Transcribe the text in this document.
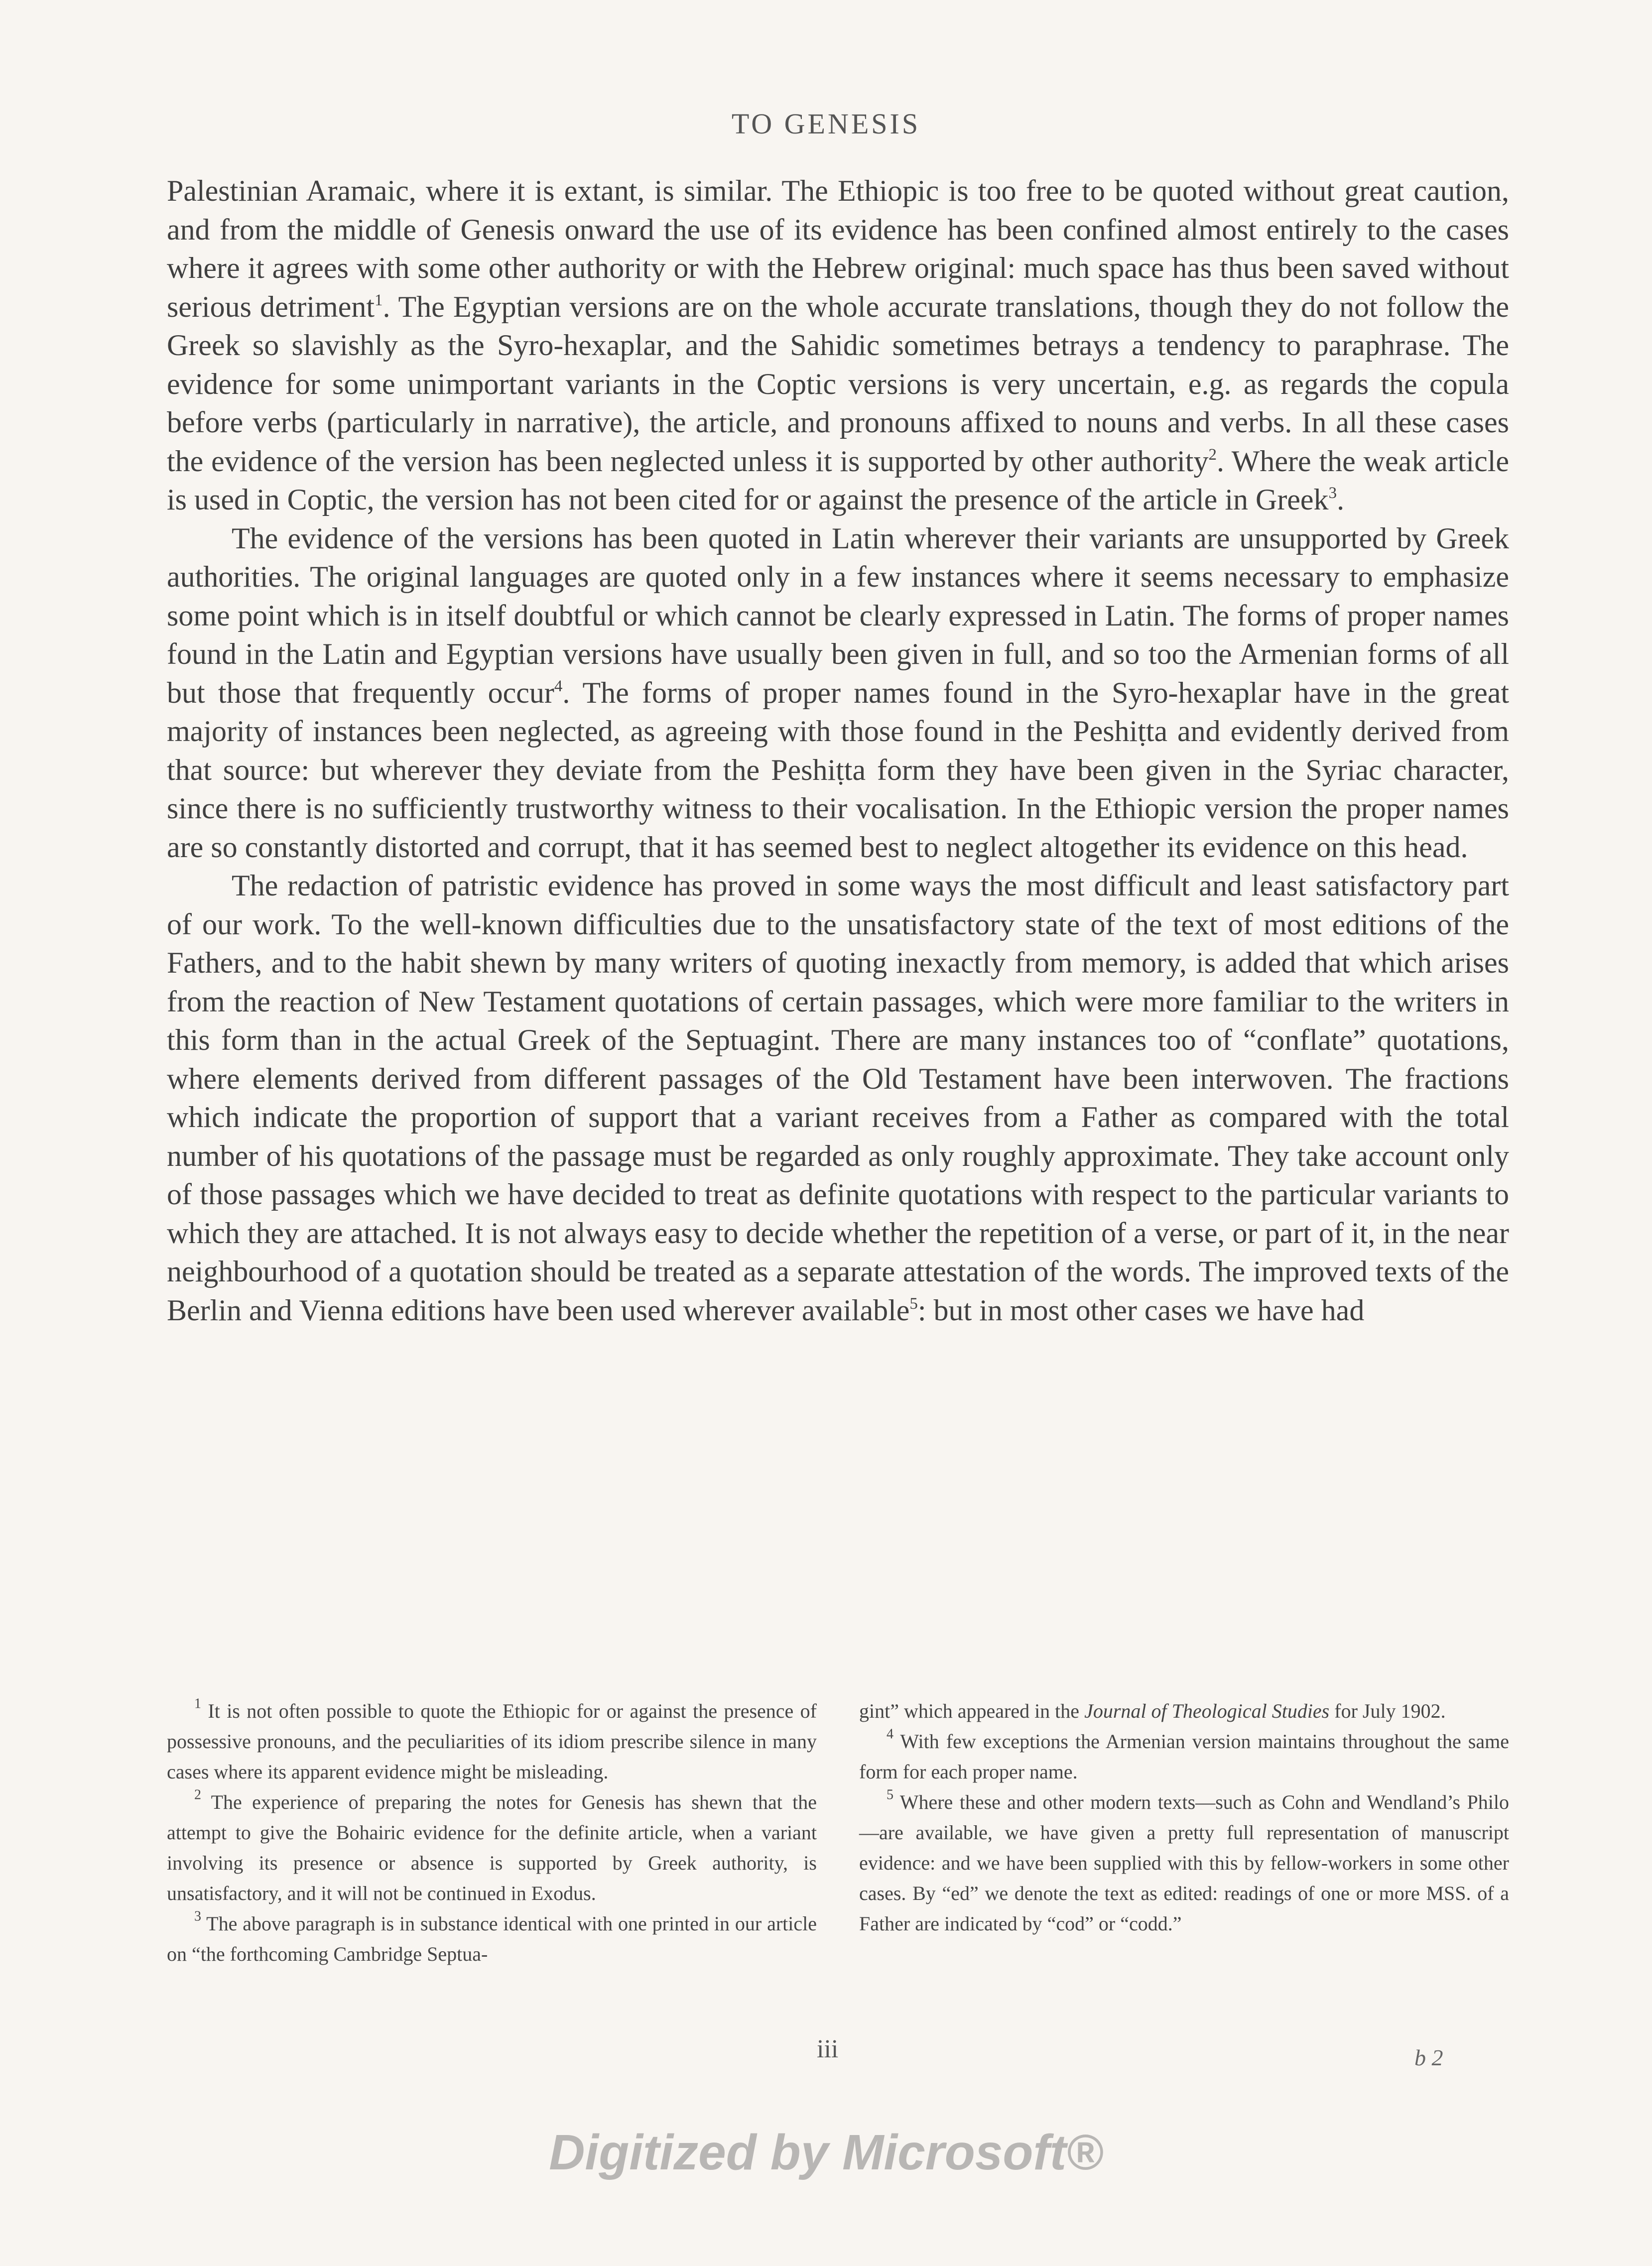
TO GENESIS

Palestinian Aramaic, where it is extant, is similar. The Ethiopic is too free to be quoted without great caution, and from the middle of Genesis onward the use of its evidence has been confined almost entirely to the cases where it agrees with some other authority or with the Hebrew original: much space has thus been saved without serious detriment$^1$. The Egyptian versions are on the whole accurate translations, though they do not follow the Greek so slavishly as the Syro-hexaplar, and the Sahidic sometimes betrays a tendency to paraphrase. The evidence for some unimportant variants in the Coptic versions is very uncertain, e.g. as regards the copula before verbs (particularly in narrative), the article, and pronouns affixed to nouns and verbs. In all these cases the evidence of the version has been neglected unless it is supported by other authority$^2$. Where the weak article is used in Coptic, the version has not been cited for or against the presence of the article in Greek$^3$.

The evidence of the versions has been quoted in Latin wherever their variants are unsupported by Greek authorities. The original languages are quoted only in a few instances where it seems necessary to emphasize some point which is in itself doubtful or which cannot be clearly expressed in Latin. The forms of proper names found in the Latin and Egyptian versions have usually been given in full, and so too the Armenian forms of all but those that frequently occur$^4$. The forms of proper names found in the Syro-hexaplar have in the great majority of instances been neglected, as agreeing with those found in the Peshiṭta and evidently derived from that source: but wherever they deviate from the Peshiṭta form they have been given in the Syriac character, since there is no sufficiently trustworthy witness to their vocalisation. In the Ethiopic version the proper names are so constantly distorted and corrupt, that it has seemed best to neglect altogether its evidence on this head.

The redaction of patristic evidence has proved in some ways the most difficult and least satisfactory part of our work. To the well-known difficulties due to the unsatisfactory state of the text of most editions of the Fathers, and to the habit shewn by many writers of quoting inexactly from memory, is added that which arises from the reaction of New Testament quotations of certain passages, which were more familiar to the writers in this form than in the actual Greek of the Septuagint. There are many instances too of “conflate” quotations, where elements derived from different passages of the Old Testament have been interwoven. The fractions which indicate the proportion of support that a variant receives from a Father as compared with the total number of his quotations of the passage must be regarded as only roughly approximate. They take account only of those passages which we have decided to treat as definite quotations with respect to the particular variants to which they are attached. It is not always easy to decide whether the repetition of a verse, or part of it, in the near neighbourhood of a quotation should be treated as a separate attestation of the words. The improved texts of the Berlin and Vienna editions have been used wherever available$^5$: but in most other cases we have had

$^1$ It is not often possible to quote the Ethiopic for or against the presence of possessive pronouns, and the peculiarities of its idiom prescribe silence in many cases where its apparent evidence might be misleading.

$^2$ The experience of preparing the notes for Genesis has shewn that the attempt to give the Bohairic evidence for the definite article, when a variant involving its presence or absence is supported by Greek authority, is unsatisfactory, and it will not be continued in Exodus.

$^3$ The above paragraph is in substance identical with one printed in our article on “the forthcoming Cambridge Septua-

gint” which appeared in the Journal of Theological Studies for July 1902.

$^4$ With few exceptions the Armenian version maintains throughout the same form for each proper name.

$^5$ Where these and other modern texts—such as Cohn and Wendland’s Philo—are available, we have given a pretty full representation of manuscript evidence: and we have been supplied with this by fellow-workers in some other cases. By “ed” we denote the text as edited: readings of one or more MSS. of a Father are indicated by “cod” or “codd.”

iii	b 2
Digitized by Microsoft®
